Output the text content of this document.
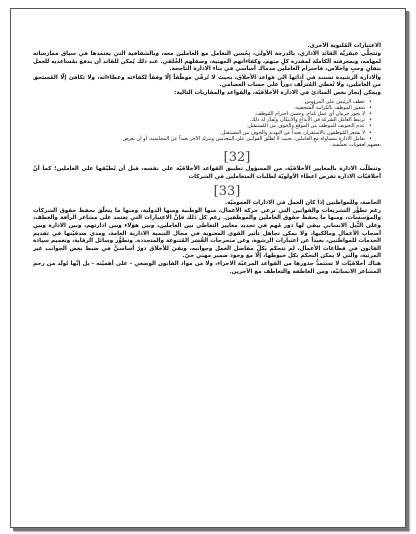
الاعتبارات المُلتوية الأخرى.

وتتجلَّى عبقريَّة القائد الاداري، بالدرجة الأولى، بِحُسن التعامل مع العاملين معه، وبالشفافية التي يعتمدها في سياق ممارساته لمهامه، وبمعرفته الكاملة لمقدرة كلٍ منهم، وكفاءاتهم المهنية، وصقلهم الخُلقي. عند ذلك يُمكن للقائد أن يدفع بمُساعديه للعمل بتفانٍ وحبٍ واخلاص، فاحترام العاملين مدماك أساسي في بناء الادارة الناجحة.

والادارة الرشيدة تستند في أدائها الى قواعد الأخلاق، بحيث لا تُرقّي موظّفاً إلّا وفقاً لكفاءته وعطاءاته، ولا تكافئ إلّا المُستحق من العاملين، ولا تُعطي المُتزلّف دوراً على حساب العصامي.

ويمكن إيجاز بعض المبادئ في الادارة الأخلاقيّة، والقواعد والمقاربات التالية:

• عطف الرئيس على المرؤوس.
• شعور الموظف بالكرامة الشخصية.
• لا يجوز حرمان أي عمل مُتاح، وحسن احترام المُوظف.
• ترتبط العامل الشركة في الابداع والابتكار، ويُقدَّر له ذلك.
• عدم التخويف للموظف من الموقع والخوف من المُستقبل.
• لا يشعر المُوظفون بالاستقرار، بعيداً عن التهديد والخوف من المستقبل.
• تعامل الادارة بمساواة مع العاملين، بحيث لا تُطبَّق القوانين على المعدمين وتترك الآخر بعيداً عن المحاسبة، أو أن تعرض
بعضهم لعقوبات تعسُّفية.
[32]

وتتطلّب الادارة بالمعايير الأخلاقيّة، من المسؤول تطبيق القواعد الأخلاقيّة على نفسه، قبل أن يُطبّقها على العاملين؛ كما أنّ أخلاقيّات الادارة تفرض اعطاء الأولويّة لطلبات المتعاملين في الشركات

[33]

الخاصة، وللمواطنين إذا كان العمل في الادارات العموميّة.

رغم تطوُّر التشريعات والقوانين التي ترعى حركة الأعمال، منها الوطنية ومنها الدولية، ومنها ما يتعلّق بحفظ حقوق الشركات والمؤسسات، ومنها ما يحفظ حقوق العاملين والموظفين. رغم كل ذلك فإنَّ الاعتبارات التي تعتمد على مشاعر الرأفة والعطف، وعلى النُّبل الانساني بيقى لها دور مُهم في تحديد معايير التعاطي بين العاملين، وبين هؤلاء وبين ادارتهم، وبين الادارة وبين أصحاب الأعمال ومالكيها، ولا يمكن تجاهل تأثير القوى المعنوية في مجال التنمية الادارية العامة، ومدى صدقيّتها في تقديم الخدمات للمواطنين، بعيداً عن اعتبارات الرشوة، وعن منحرجات القُسَر المُتنوعة والمتجددة. وتطوُّر وسائل الرقابة، وتعميم سيادة القانون في قطاعات الأعمال، لم تتحكم بكلّ مفاصل العمل وجوانبه، وبقيَ للأخلاق دورٌ أساسيٌّ في ضبط بعض الجوانب غير المرئية، والتي لا يمكن التحكم بكل خيوطها، إلّا مع وجود ضمير مهني حيّ.

هناك أخلاقيّات لا تستمدُّ جذورها من القواعد المرعيّة الاجراء، ولا من مواد القانون الوضعي - على أهميّته - بل إنَّها تُولَد من رحم المشاعر الانسانيّة، ومن العاطفة والتعاطف مع الآخرين.
